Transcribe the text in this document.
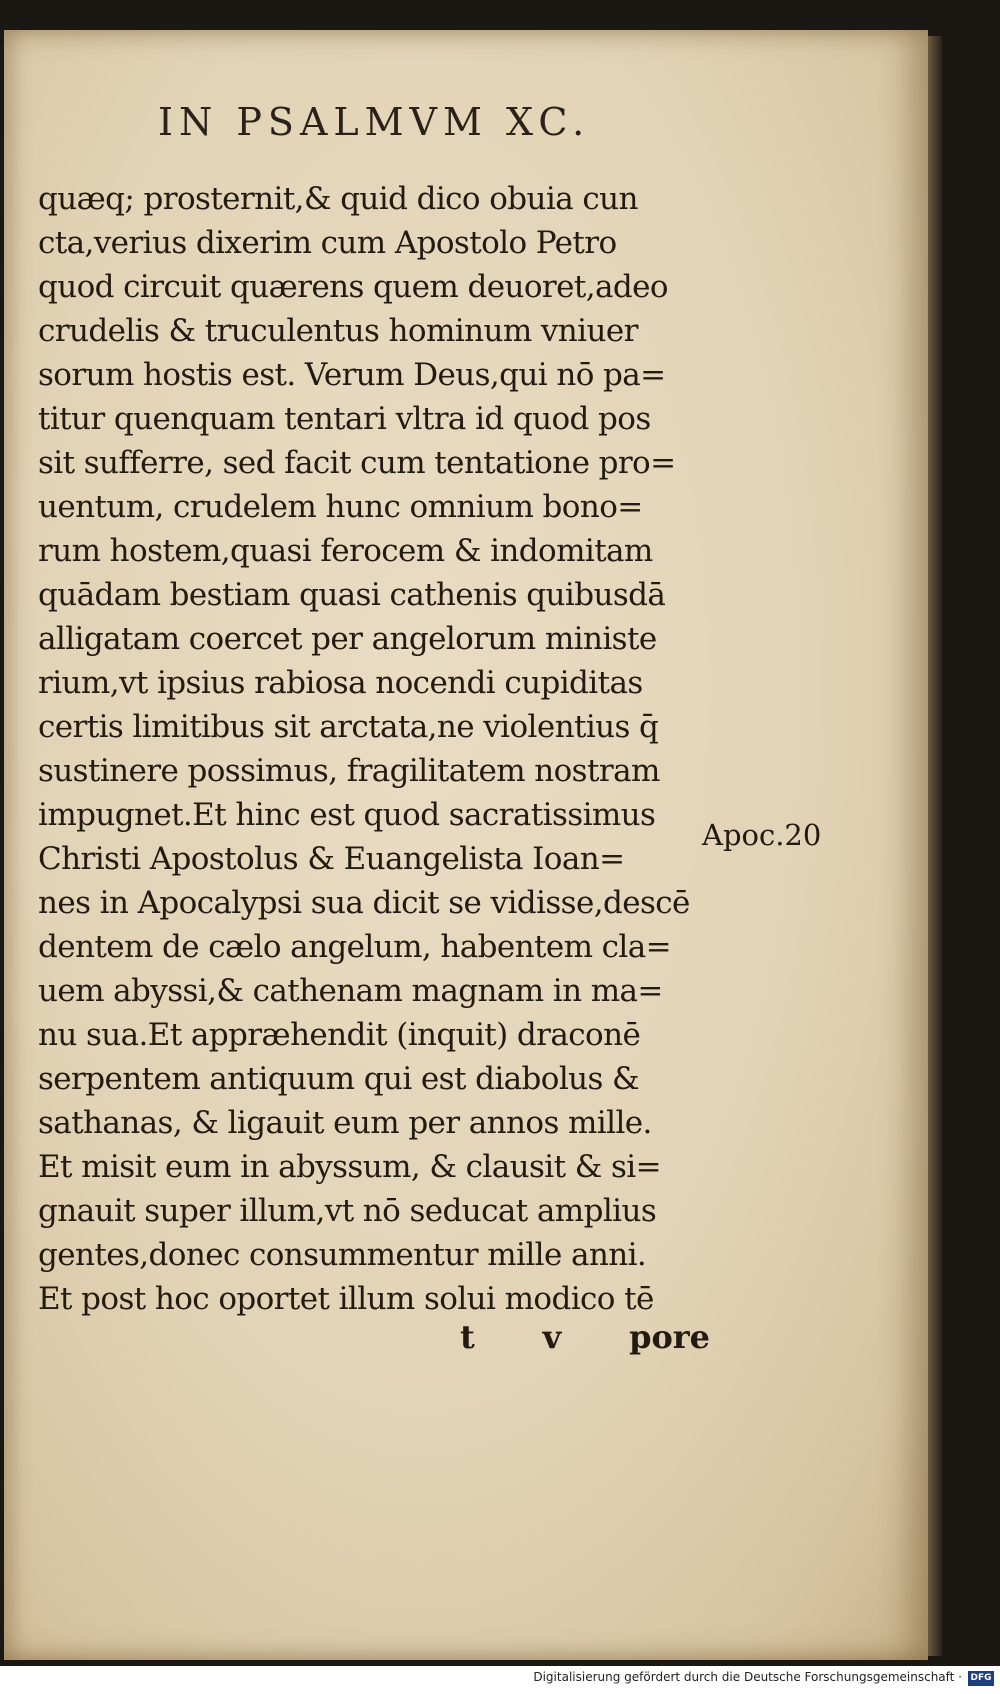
IN PSALMVM XC.
quæq; prosternit,& quid dico obuia cun
cta,verius dixerim cum Apostolo Petro
quod circuit quærens quem deuoret,adeo
crudelis & truculentus hominum vniuer
sorum hostis est. Verum Deus,qui nō pa=
titur quenquam tentari vltra id quod pos
sit sufferre, sed facit cum tentatione pro=
uentum, crudelem hunc omnium bono=
rum hostem,quasi ferocem & indomitam
quādam bestiam quasi cathenis quibusdā
alligatam coercet per angelorum ministe
rium,vt ipsius rabiosa nocendi cupiditas
certis limitibus sit arctata,ne violentius q̄
sustinere possimus, fragilitatem nostram
impugnet.Et hinc est quod sacratissimus
Christi Apostolus & Euangelista Ioan=
nes in Apocalypsi sua dicit se vidisse,descē
dentem de cælo angelum, habentem cla=
uem abyssi,& cathenam magnam in ma=
nu sua.Et appræhendit (inquit) draconē
serpentem antiquum qui est diabolus &
sathanas, & ligauit eum per annos mille.
Et misit eum in abyssum, & clausit & si=
gnauit super illum,vt nō seducat amplius
gentes,donec consummentur mille anni.
Et post hoc oportet illum solui modico tē
t v pore
Apoc.20
Digitalisierung gefördert durch die Deutsche Forschungsgemeinschaft · DFG
